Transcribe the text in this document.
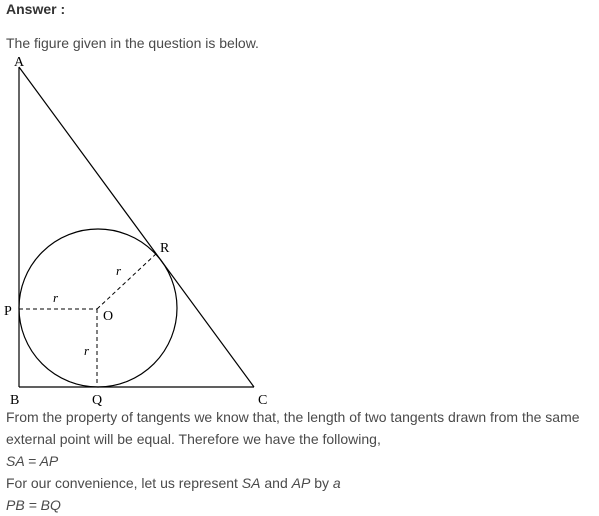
Answer :
The figure given in the question is below.
A
B	C
P
Q
R
O
r
r
r
From the property of tangents we know that, the length of two tangents drawn from the same
external point will be equal. Therefore we have the following,
SA = AP
For our convenience, let us represent SA and AP by a
PB = BQ
